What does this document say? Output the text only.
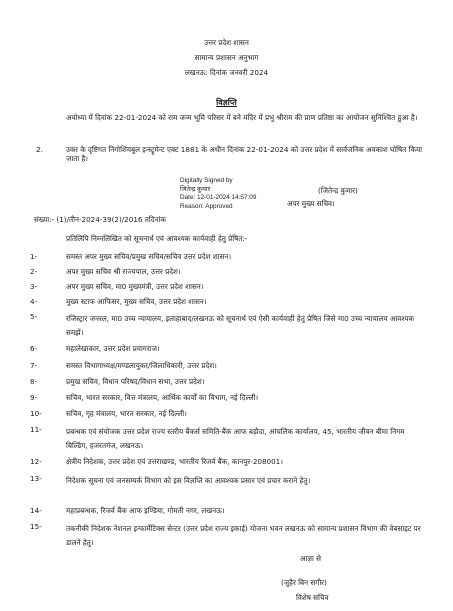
उत्तर प्रदेश शासन
सामान्य प्रशासन अनुभाग
लखनऊ: दिनांक जनवरी 2024
विज्ञप्ति
अयोध्या में दिनांक 22-01-2024 को राम जन्म भूमि परिसर में बने मंदिर में प्रभु श्रीराम की प्राण प्रतिष्ठा का आयोजन सुनिश्चित हुआ है।
2.	उक्त के दृष्टिगत निगोशियबुल इन्स्ट्रूमेन्ट एक्ट 1881 के अधीन दिनांक 22-01-2024 को उत्तर प्रदेश में सार्वजनिक अवकाश घोषित किया जाता है।
Digitally Signed by
जितेन्द्र कुमार
Date: 12-01-2024 14:57:09
Reason: Approved
(जितेन्द्र कुमार)
अपर मुख्य सचिव।
संख्या:- (1)/तीन-2024-39(2)/2016 तदिनांक
प्रतिलिपि निम्नलिखित को सूचनार्थ एवं आवश्यक कार्यवाही हेतु प्रेषित:-
1-	समस्त अपर मुख्य सचिव/प्रमुख सचिव/सचिव उत्तर प्रदेश शासन।
2-	अपर मुख्य सचिव श्री राज्यपाल, उत्तर प्रदेश।
3-	अपर मुख्य सचिव, मा0 मुख्यमंत्री, उत्तर प्रदेश शासन।
4-	मुख्य स्टाफ आफिसर, मुख्य सचिव, उत्तर प्रदेश शासन।
5-	रजिस्ट्रार जनरल, मा0 उच्च न्यायालय, इलाहाबाद/लखनऊ को सूचनार्थ एवं ऐसी कार्यवाही हेतु प्रेषित जिसे मा0 उच्च न्यायालय आवश्यक समझें।
6-	महालेखाकार, उत्तर प्रदेश प्रयागराज।
7-	समस्त विभागाध्यक्ष/मण्डलायुक्त/जिलाधिकारी, उत्तर प्रदेश।
8-	प्रमुख सचिव, विधान परिषद/विधान सभा, उत्तर प्रदेश।
9-	सचिव, भारत सरकार, वित्त मंत्रालय, आर्थिक कार्यों का विभाग, नई दिल्ली।
10-	सचिव, गृह मंत्रालय, भारत सरकार, नई दिल्ली।
11-	प्रबन्धक एवं संयोजक उत्तर प्रदेश राज्य स्तरीय बैंकर्स समिति-बैंक आफ बड़ौदा, आंचलिक कार्यालय, 45, भारतीय जीवन बीमा निगम बिल्डिंग, हजरतगंज, लखनऊ।
12-	क्षेत्रीय निदेशक, उत्तर प्रदेश एवं उत्तराखण्ड, भारतीय रिजर्व बैंक, कानपुर-208001।
13-	निदेशक सूचना एवं जनसम्पर्क विभाग को इस विज्ञप्ति का आवश्यक प्रसार एवं प्रचार कराने हेतु।
14-	महाप्रबन्धक, रिजर्व बैंक आफ इण्डिया, गोमती नगर, लखनऊ।
15-	तकनीकी निदेशक नेशनल इन्फार्मेटिक्स सेन्टर (उत्तर प्रदेश राज्य इकाई) योजना भवन लखनऊ को सामान्य प्रशासन विभाग की वेबसाइट पर डालने हेतु।
आज्ञा से
(जुहैर बिन सगीर)
विशेष सचिव
